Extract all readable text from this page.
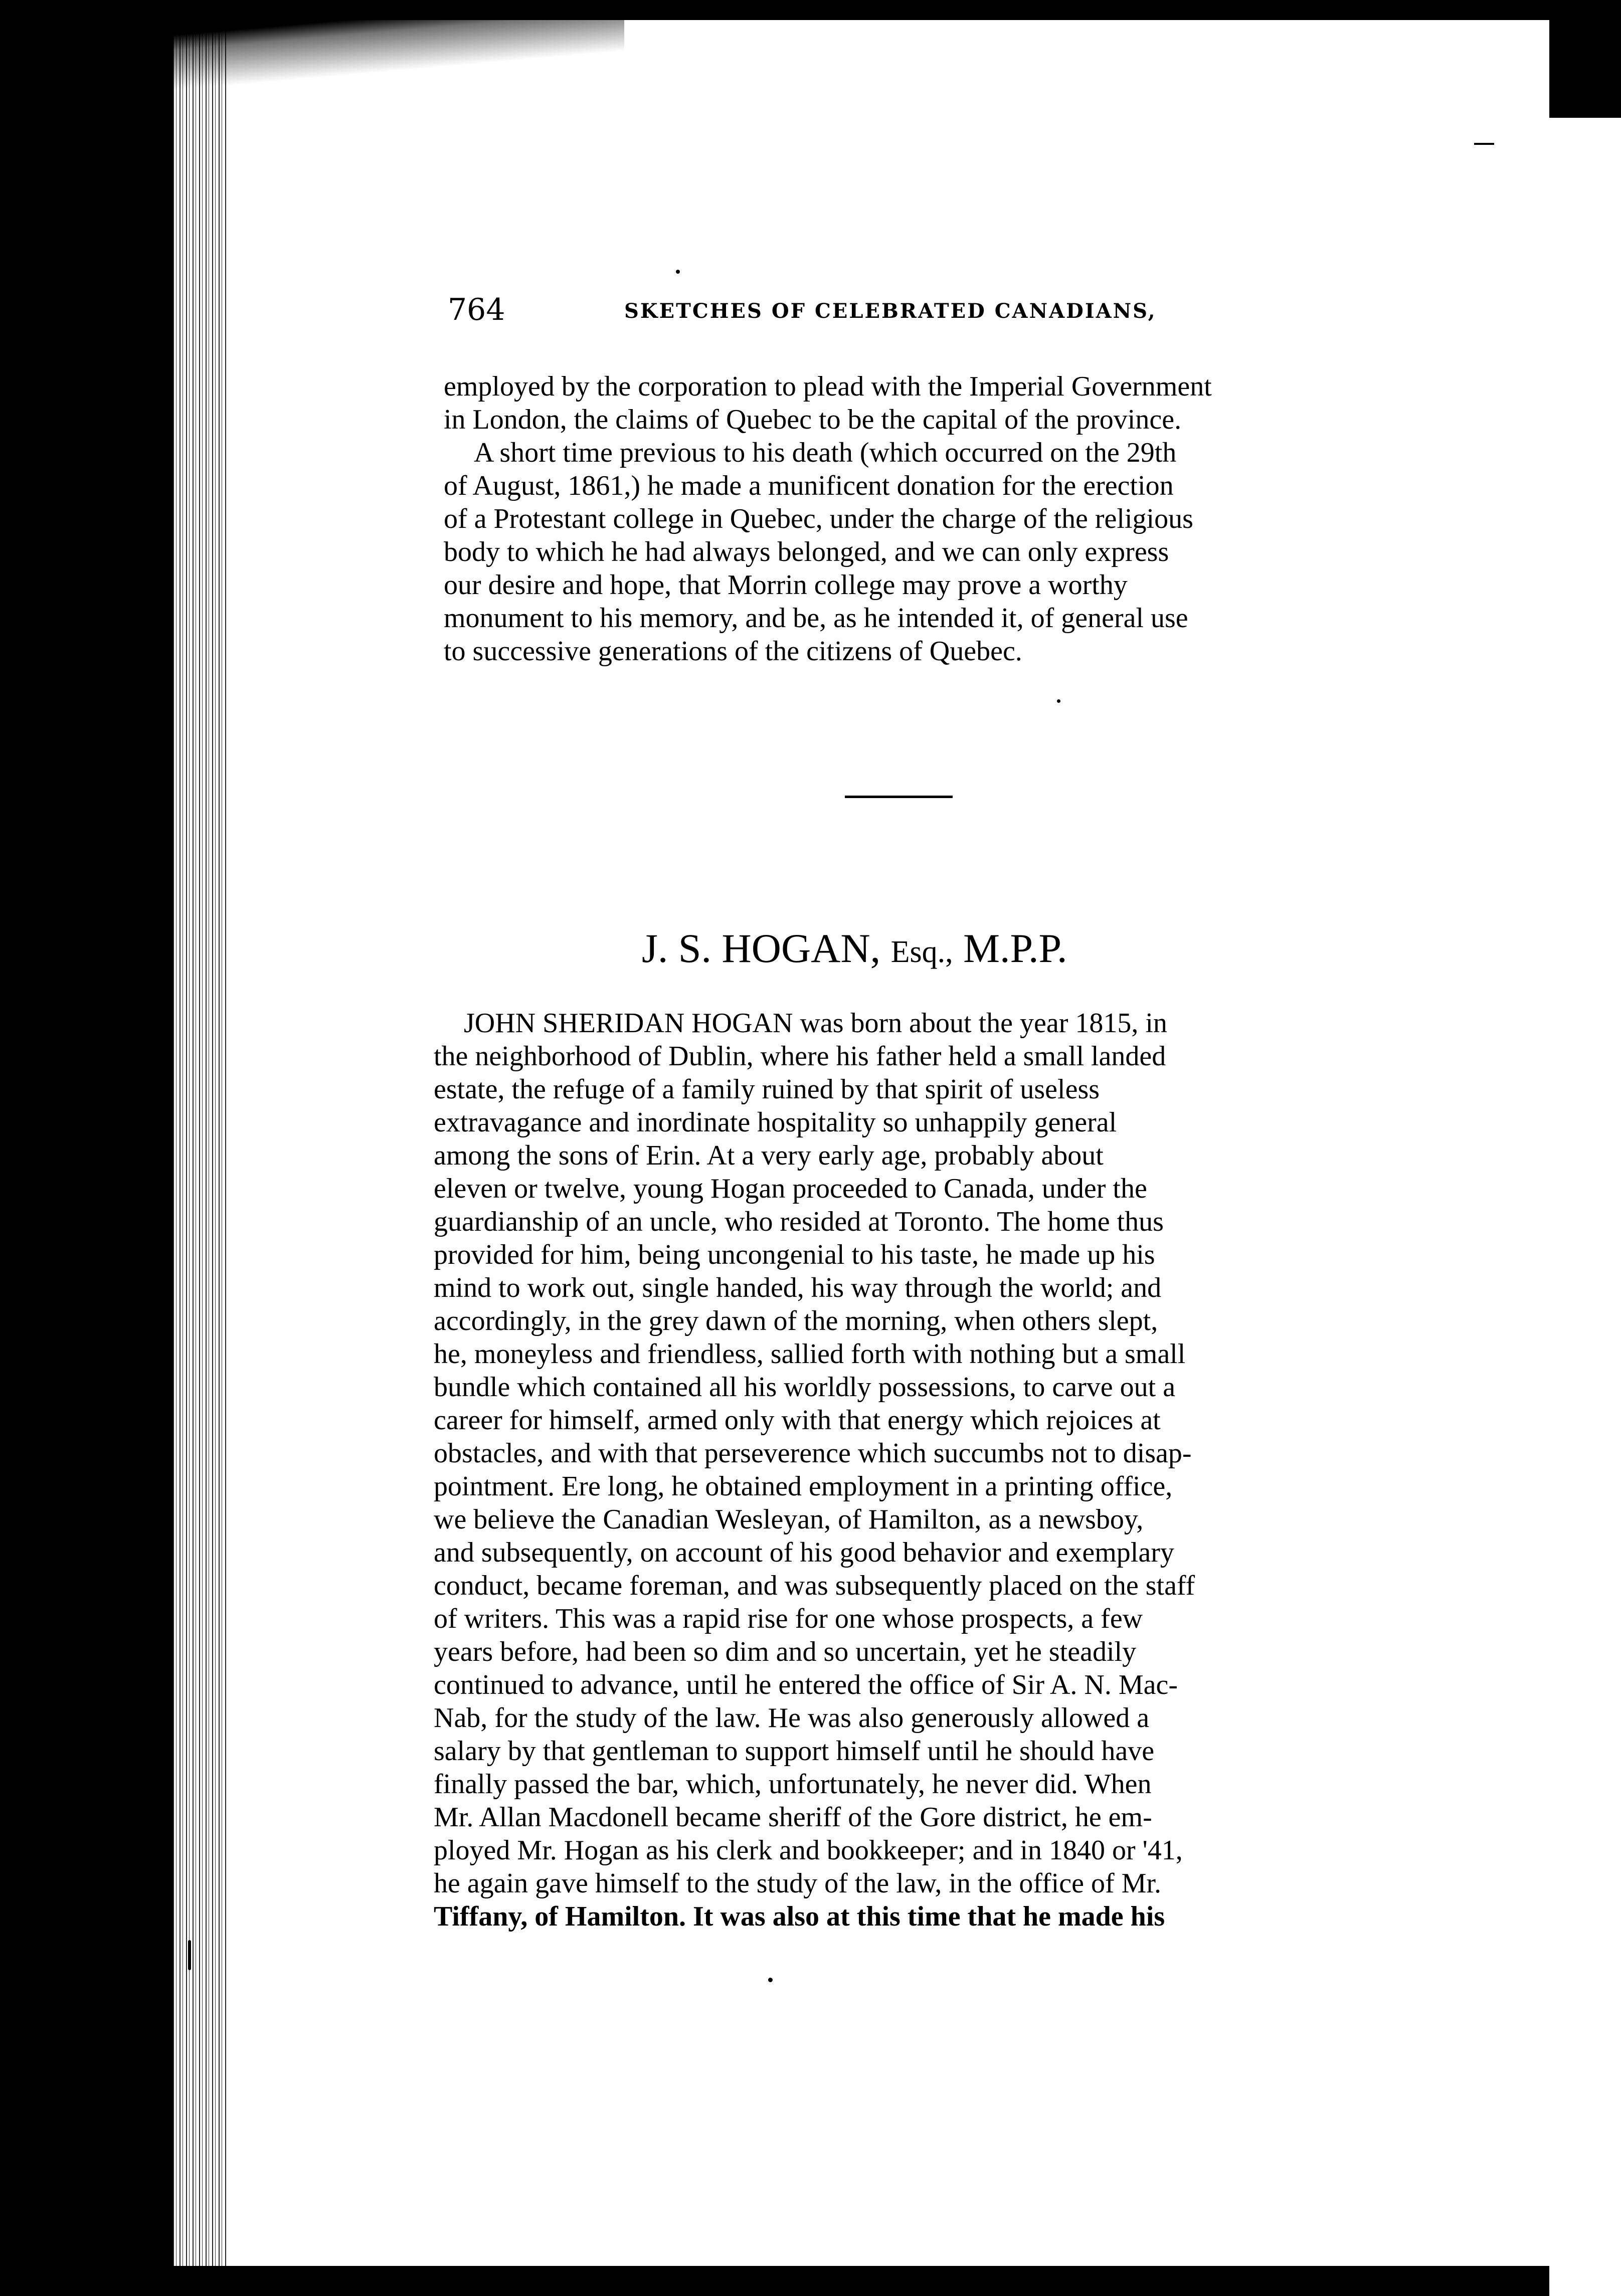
764	SKETCHES OF CELEBRATED CANADIANS,
employed by the corporation to plead with the Imperial Government
in London, the claims of Quebec to be the capital of the province.
A short time previous to his death (which occurred on the 29th
of August, 1861,) he made a munificent donation for the erection
of a Protestant college in Quebec, under the charge of the religious
body to which he had always belonged, and we can only express
our desire and hope, that Morrin college may prove a worthy
monument to his memory, and be, as he intended it, of general use
to successive generations of the citizens of Quebec.
J. S. HOGAN, Esq., M.P.P.
JOHN SHERIDAN HOGAN was born about the year 1815, in
the neighborhood of Dublin, where his father held a small landed
estate, the refuge of a family ruined by that spirit of useless
extravagance and inordinate hospitality so unhappily general
among the sons of Erin. At a very early age, probably about
eleven or twelve, young Hogan proceeded to Canada, under the
guardianship of an uncle, who resided at Toronto. The home thus
provided for him, being uncongenial to his taste, he made up his
mind to work out, single handed, his way through the world; and
accordingly, in the grey dawn of the morning, when others slept,
he, moneyless and friendless, sallied forth with nothing but a small
bundle which contained all his worldly possessions, to carve out a
career for himself, armed only with that energy which rejoices at
obstacles, and with that perseverence which succumbs not to disap-
pointment. Ere long, he obtained employment in a printing office,
we believe the Canadian Wesleyan, of Hamilton, as a newsboy,
and subsequently, on account of his good behavior and exemplary
conduct, became foreman, and was subsequently placed on the staff
of writers. This was a rapid rise for one whose prospects, a few
years before, had been so dim and so uncertain, yet he steadily
continued to advance, until he entered the office of Sir A. N. Mac-
Nab, for the study of the law. He was also generously allowed a
salary by that gentleman to support himself until he should have
finally passed the bar, which, unfortunately, he never did. When
Mr. Allan Macdonell became sheriff of the Gore district, he em-
ployed Mr. Hogan as his clerk and bookkeeper; and in 1840 or '41,
he again gave himself to the study of the law, in the office of Mr.
Tiffany, of Hamilton. It was also at this time that he made his
